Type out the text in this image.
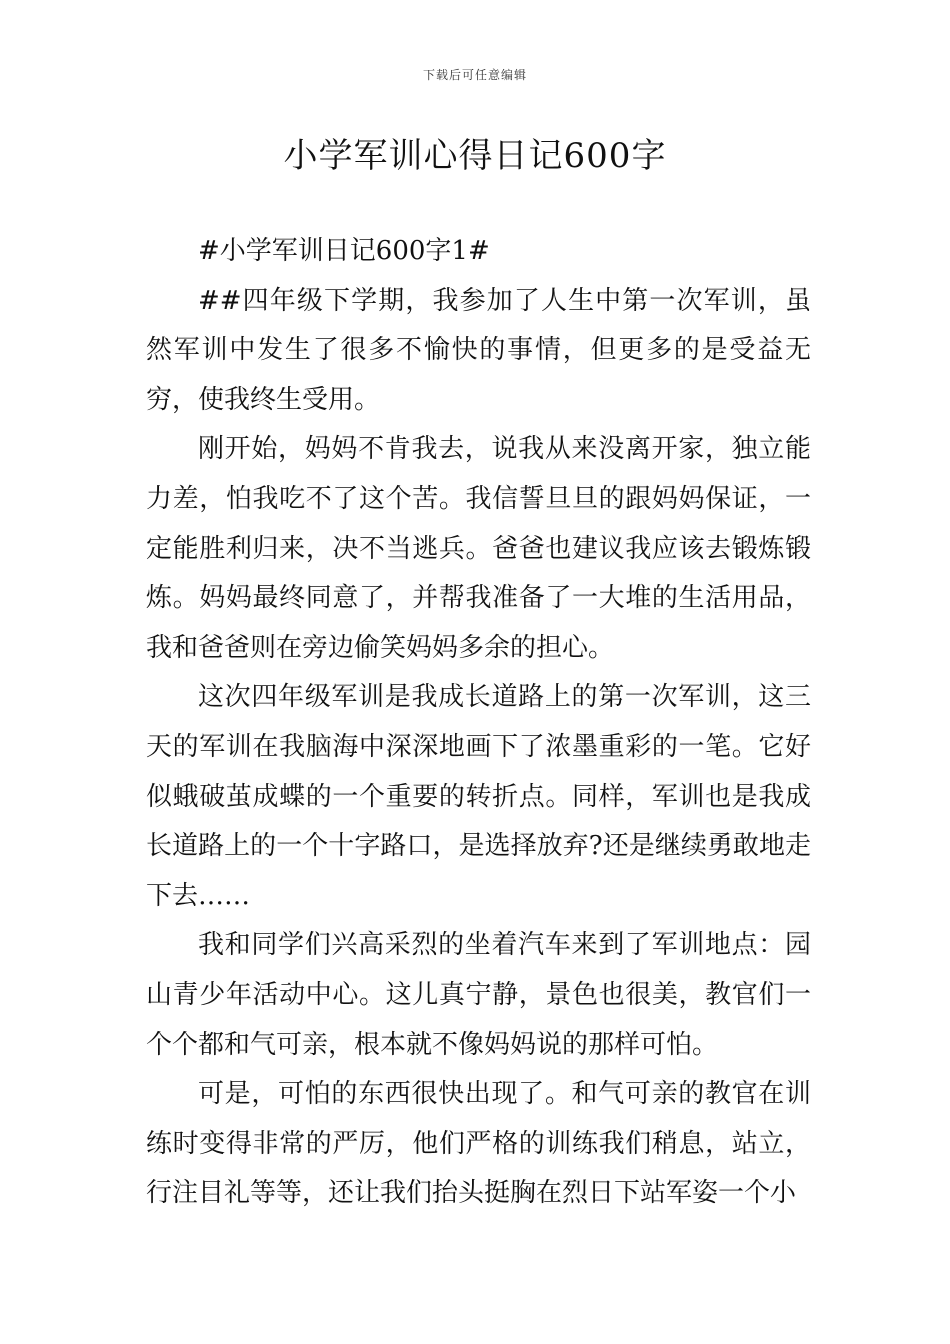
下载后可任意编辑
小学军训心得日记600字

#小学军训日记600字1#

##四年级下学期，我参加了人生中第一次军训，虽然军训中发生了很多不愉快的事情，但更多的是受益无穷，使我终生受用。

刚开始，妈妈不肯我去，说我从来没离开家，独立能力差，怕我吃不了这个苦。我信誓旦旦的跟妈妈保证，一定能胜利归来，决不当逃兵。爸爸也建议我应该去锻炼锻炼。妈妈最终同意了，并帮我准备了一大堆的生活用品，我和爸爸则在旁边偷笑妈妈多余的担心。

这次四年级军训是我成长道路上的第一次军训，这三天的军训在我脑海中深深地画下了浓墨重彩的一笔。它好似蛾破茧成蝶的一个重要的转折点。同样，军训也是我成长道路上的一个十字路口，是选择放弃?还是继续勇敢地走下去……

我和同学们兴高采烈的坐着汽车来到了军训地点：园山青少年活动中心。这儿真宁静，景色也很美，教官们一个个都和气可亲，根本就不像妈妈说的那样可怕。

可是，可怕的东西很快出现了。和气可亲的教官在训练时变得非常的严厉，他们严格的训练我们稍息，站立，行注目礼等等，还让我们抬头挺胸在烈日下站军姿一个小
